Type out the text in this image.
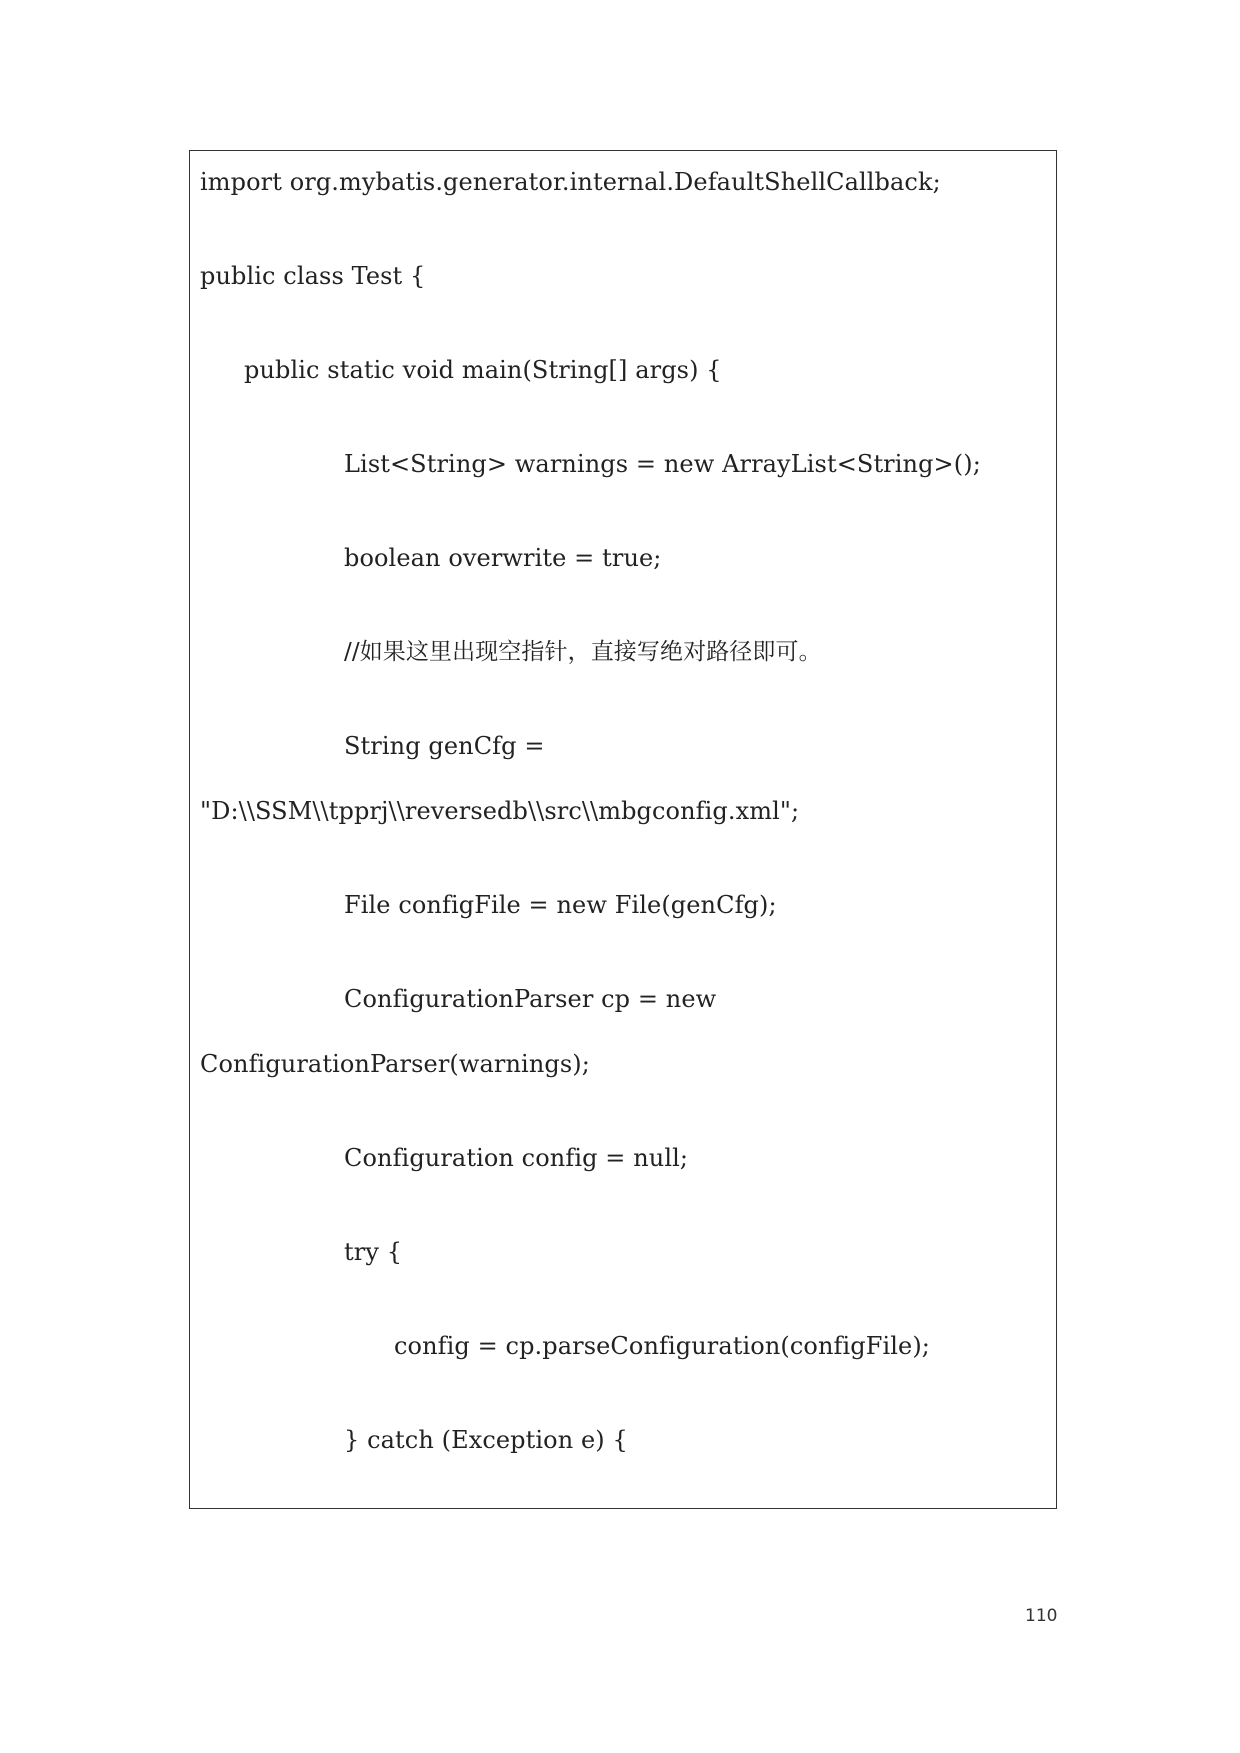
import org.mybatis.generator.internal.DefaultShellCallback;
public class Test {
public static void main(String[] args) {
List<String> warnings = new ArrayList<String>();
boolean overwrite = true;
//如果这里出现空指针，直接写绝对路径即可。
String genCfg =
"D:\\SSM\\tpprj\\reversedb\\src\\mbgconfig.xml";
File configFile = new File(genCfg);
ConfigurationParser cp = new
ConfigurationParser(warnings);
Configuration config = null;
try {
config = cp.parseConfiguration(configFile);
} catch (Exception e) {
110
